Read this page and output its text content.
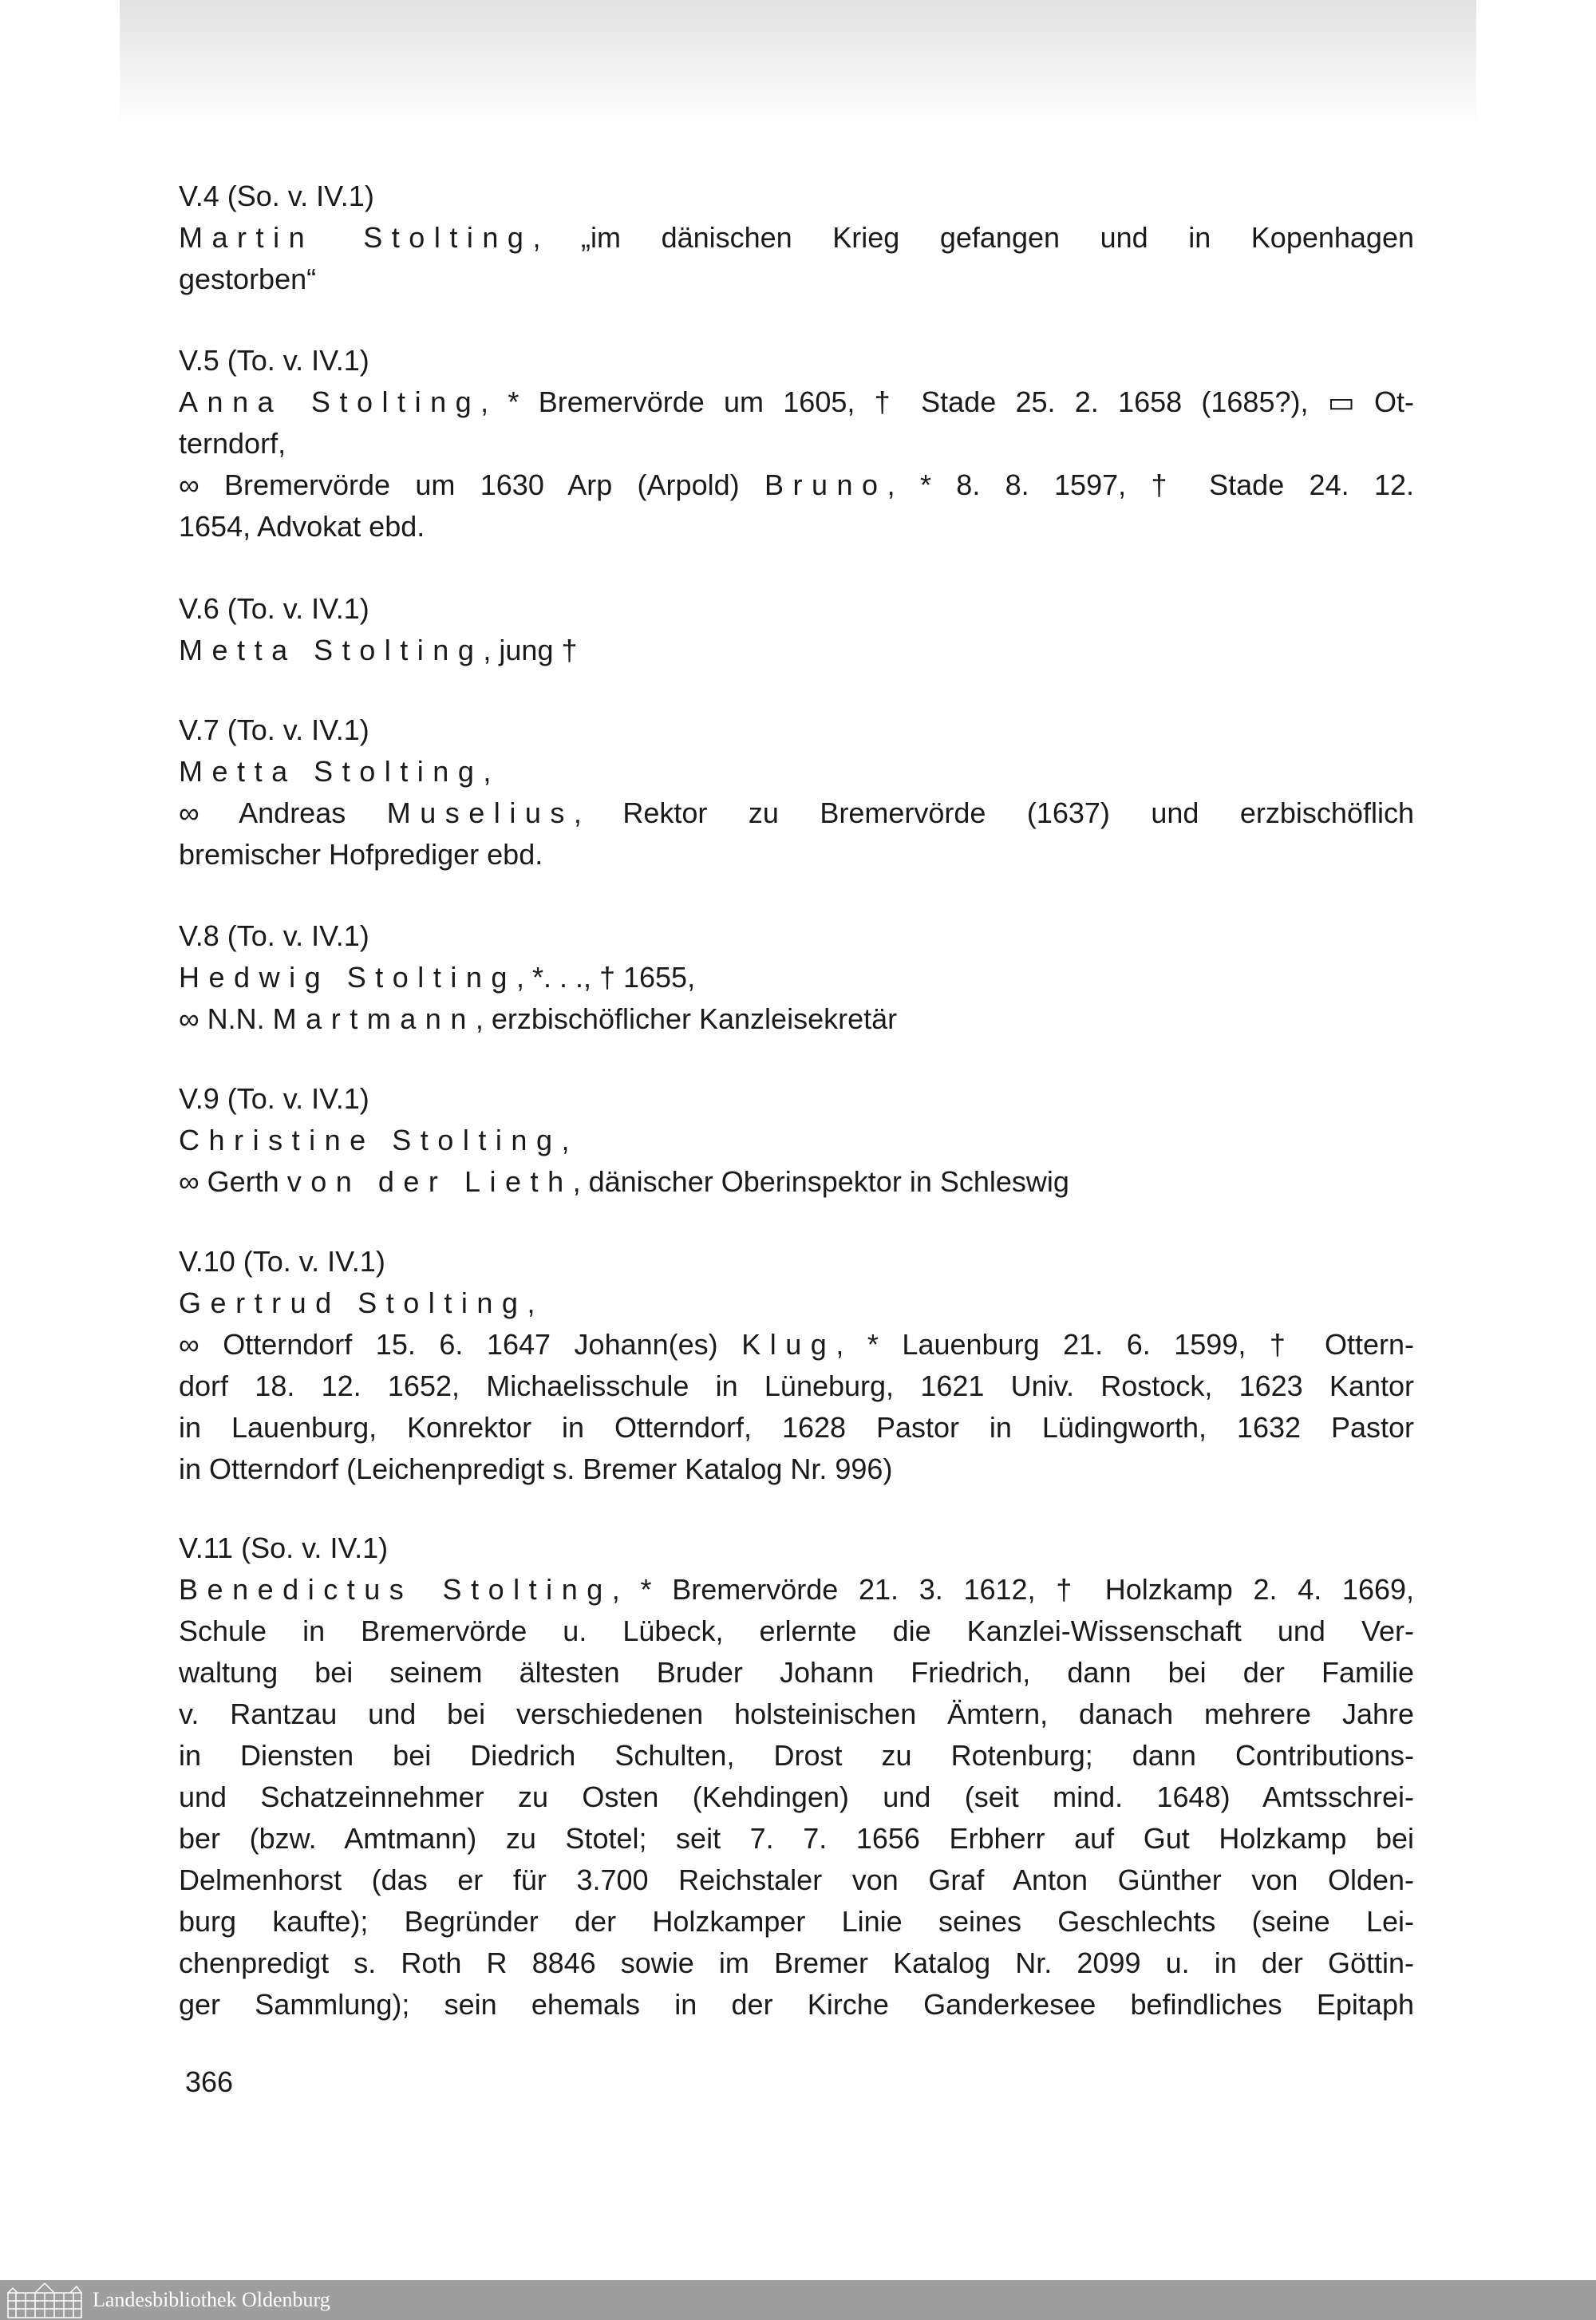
V.4 (So. v. IV.1)
Martin Stolting, „im dänischen Krieg gefangen und in Kopenhagen
gestorben“
V.5 (To. v. IV.1)
Anna Stolting, * Bremervörde um 1605, † Stade 25. 2. 1658 (1685?), ▭ Ot-
terndorf,
∞ Bremervörde um 1630 Arp (Arpold) Bruno, * 8. 8. 1597, † Stade 24. 12.
1654, Advokat ebd.
V.6 (To. v. IV.1)
Metta Stolting, jung †
V.7 (To. v. IV.1)
Metta Stolting,
∞ Andreas Muselius, Rektor zu Bremervörde (1637) und erzbischöflich
bremischer Hofprediger ebd.
V.8 (To. v. IV.1)
Hedwig Stolting, *. . ., † 1655,
∞ N.N. Martmann, erzbischöflicher Kanzleisekretär
V.9 (To. v. IV.1)
Christine Stolting,
∞ Gerth von der Lieth, dänischer Oberinspektor in Schleswig
V.10 (To. v. IV.1)
Gertrud Stolting,
∞ Otterndorf 15. 6. 1647 Johann(es) Klug, * Lauenburg 21. 6. 1599, † Ottern-
dorf 18. 12. 1652, Michaelisschule in Lüneburg, 1621 Univ. Rostock, 1623 Kantor
in Lauenburg, Konrektor in Otterndorf, 1628 Pastor in Lüdingworth, 1632 Pastor
in Otterndorf (Leichenpredigt s. Bremer Katalog Nr. 996)
V.11 (So. v. IV.1)
Benedictus Stolting, * Bremervörde 21. 3. 1612, † Holzkamp 2. 4. 1669,
Schule in Bremervörde u. Lübeck, erlernte die Kanzlei-Wissenschaft und Ver-
waltung bei seinem ältesten Bruder Johann Friedrich, dann bei der Familie
v. Rantzau und bei verschiedenen holsteinischen Ämtern, danach mehrere Jahre
in Diensten bei Diedrich Schulten, Drost zu Rotenburg; dann Contributions-
und Schatzeinnehmer zu Osten (Kehdingen) und (seit mind. 1648) Amtsschrei-
ber (bzw. Amtmann) zu Stotel; seit 7. 7. 1656 Erbherr auf Gut Holzkamp bei
Delmenhorst (das er für 3.700 Reichstaler von Graf Anton Günther von Olden-
burg kaufte); Begründer der Holzkamper Linie seines Geschlechts (seine Lei-
chenpredigt s. Roth R 8846 sowie im Bremer Katalog Nr. 2099 u. in der Göttin-
ger Sammlung); sein ehemals in der Kirche Ganderkesee befindliches Epitaph
366
Landesbibliothek Oldenburg
